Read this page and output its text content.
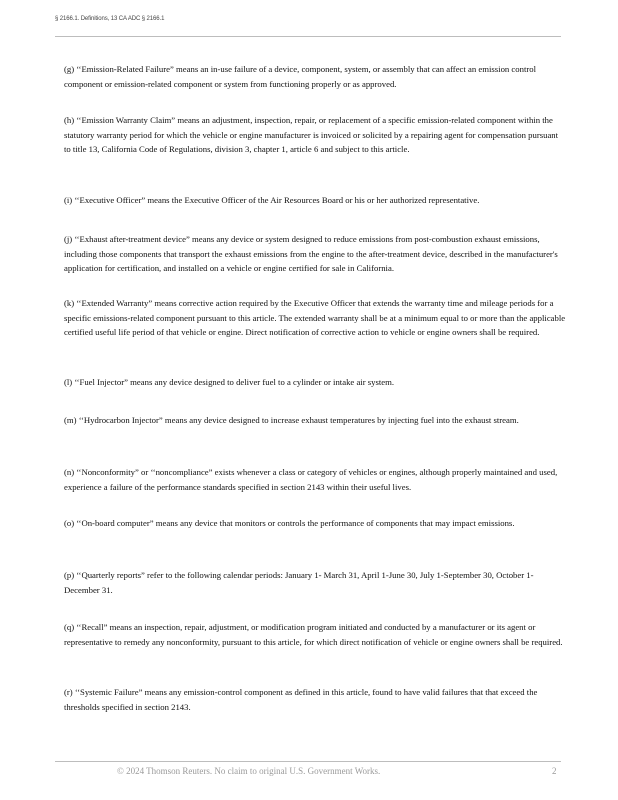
§ 2166.1. Definitions, 13 CA ADC § 2166.1

(g) ‘‘Emission-Related Failure” means an in-use failure of a device, component, system, or assembly that can affect an emission control component or emission-related component or system from functioning properly or as approved.

(h) ‘‘Emission Warranty Claim” means an adjustment, inspection, repair, or replacement of a specific emission-related component within the statutory warranty period for which the vehicle or engine manufacturer is invoiced or solicited by a repairing agent for compensation pursuant to title 13, California Code of Regulations, division 3, chapter 1, article 6 and subject to this article.

(i) ‘‘Executive Officer” means the Executive Officer of the Air Resources Board or his or her authorized representative.

(j) ‘‘Exhaust after-treatment device” means any device or system designed to reduce emissions from post-combustion exhaust emissions, including those components that transport the exhaust emissions from the engine to the after-treatment device, described in the manufacturer's application for certification, and installed on a vehicle or engine certified for sale in California.

(k) ‘‘Extended Warranty” means corrective action required by the Executive Officer that extends the warranty time and mileage periods for a specific emissions-related component pursuant to this article. The extended warranty shall be at a minimum equal to or more than the applicable certified useful life period of that vehicle or engine. Direct notification of corrective action to vehicle or engine owners shall be required.

(l) ‘‘Fuel Injector” means any device designed to deliver fuel to a cylinder or intake air system.

(m) ‘‘Hydrocarbon Injector” means any device designed to increase exhaust temperatures by injecting fuel into the exhaust stream.

(n) ‘‘Nonconformity” or ‘‘noncompliance” exists whenever a class or category of vehicles or engines, although properly maintained and used, experience a failure of the performance standards specified in section 2143 within their useful lives.

(o) ‘‘On-board computer” means any device that monitors or controls the performance of components that may impact emissions.

(p) ‘‘Quarterly reports” refer to the following calendar periods: January 1- March 31, April 1-June 30, July 1-September 30, October 1-December 31.

(q) ‘‘Recall” means an inspection, repair, adjustment, or modification program initiated and conducted by a manufacturer or its agent or representative to remedy any nonconformity, pursuant to this article, for which direct notification of vehicle or engine owners shall be required.

(r) ‘‘Systemic Failure” means any emission-control component as defined in this article, found to have valid failures that that exceed the thresholds specified in section 2143.

© 2024 Thomson Reuters. No claim to original U.S. Government Works.	2
